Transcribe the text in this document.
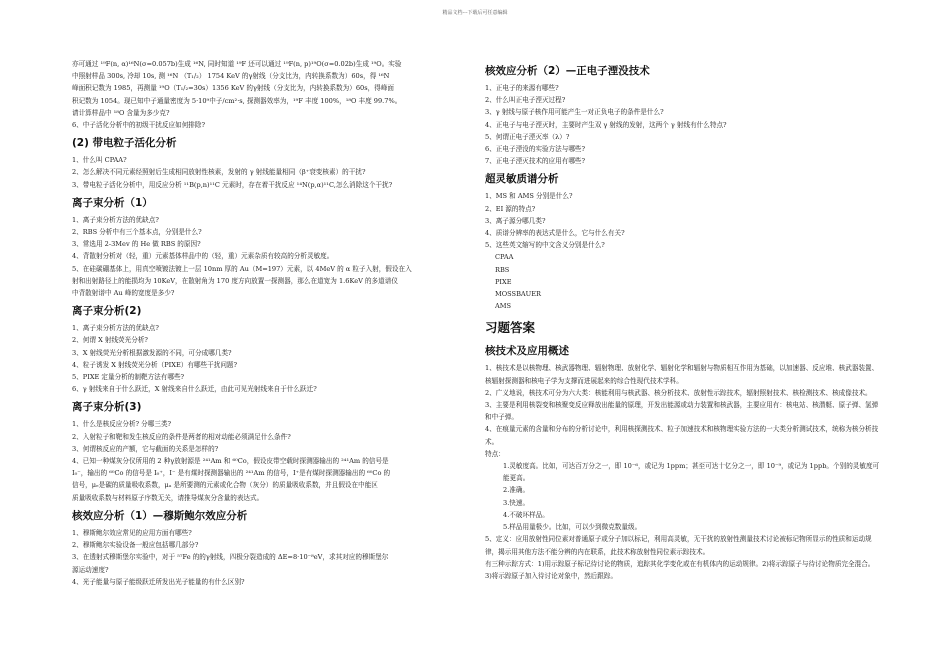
精品文档---下载后可任意编辑
亦可通过 ¹⁹F(n, α)¹⁶N(σ=0.057b)生成 ¹⁶N, 同时知道 ¹⁹F 还可以通过 ¹⁹F(n, p)¹⁹O(σ=0.02b)生成 ¹⁹O。实验
中照射样品 300s, 冷却 10s, 测 ¹⁶N （T₁/₂） 1754 KeV 的γ射线（分支比为，内转换系数为）60s，得 ¹⁶N
峰面积记数为 1985，再测量 ¹⁹O（T₁/₂=30s）1356 KeV 的γ射线（分支比为，内转换系数为）60s，得峰面
积记数为 1054。现已知中子通量密度为 5·10⁹中子/cm²·s, 探测器效率为，¹⁹F 丰度 100%，¹⁸O 丰度 99.7%。
请计算样品中 ¹⁸O 含量为多少克?
6、中子活化分析中的初级干扰反应如何排除?
(2) 带电粒子活化分析
1、什么叫 CPAA?
2、怎么解决不同元素经照射后生成相同放射性核素，发射的 γ 射线能量相同（β⁺衰变核素）的干扰?
3、带电粒子活化分析中，用反应分析 ¹¹B(p,n)¹¹C 元素时，存在着干扰反应 ¹⁴N(p,α)¹¹C,怎么消除这个干扰?
离子束分析（1）
1、离子束分析方法的优缺点?
2、RBS 分析中有三个基本点，分别是什么?
3、常选用 2-3Mev 的 He 做 RBS 的原因?
4、背散射分析对（轻，重）元素基体样品中的（轻，重）元素杂质有较高的分析灵敏度。
5、在硅碳硼基体上，用真空喷镀法镀上一层 10nm 厚的 Au（M=197）元素，以 4MeV 的 α 粒子入射，假设在入
射和出射路径上的能损均为 10KeV，在散射角为 170 度方向放置一探测器，那么在道宽为 1.6KeV 的多道谱仪
中背散射谱中 Au 峰的宽度是多少?
离子束分析(2)
1、离子束分析方法的优缺点?
2、何谓 X 射线荧光分析?
3、X 射线荧光分析根据激发源的不同，可分成哪几类?
4、粒子诱发 X 射线荧光分析（PIXE）有哪些干扰问题?
5、PIXE 定量分析的制靶方法有哪些?
6、γ 射线来自于什么跃迁，X 射线来自什么跃迁，由此可见光射线来自于什么跃迁?
离子束分析(3)
1、什么是核反应分析? 分哪三类?
2、入射粒子和靶和发生核反应的条件是两者的相对动能必须满足什么条件?
3、何谓核反应的产额，它与截面的关系是怎样的?
4、已知一种煤灰分仪所用的 2 种γ放射源是 ²⁴¹Am 和 ⁶⁰Co，假设皮带空载时探测器输出的 ²⁴¹Am 的信号是
I₀⁻，输出的 ⁶⁰Co 的信号是 I₀⁺，I⁻ 是有煤时探测器输出的 ²⁴¹Am 的信号，I⁺是有煤时探测器输出的 ⁶⁰Co 的
信号，μₑ是碳的质量吸收系数，μₐ 是所要测的元素或化合物（灰分）的质量吸收系数，并且假设在中能区
质量吸收系数与材料原子序数无关，请推导煤灰分含量的表达式。
核效应分析（1）—穆斯鲍尔效应分析
1、穆斯鲍尔效应常见的应用方面有哪些?
2、穆斯鲍尔实验设备一般应包括哪几部分?
3、在透射式穆斯堡尔实验中，对于 ⁵⁷Fe 的的γ射线，四极分裂造成的 ΔE=8·10⁻⁸eV，求其对应的穆斯堡尔
源运动速度?
4、光子能量与原子能级跃迁所发出光子能量的有什么区别?
核效应分析（2）—正电子湮没技术
1、正电子的来源有哪些?
2、什么叫正电子湮灭过程?
3、γ 射线与原子核作用可能产生一对正负电子的条件是什么?
4、正电子与电子湮灭时，主要时产生双 γ 射线的发射，这两个 γ 射线有什么特点?
5、何谓正电子湮灭率（λ）?
6、正电子湮没的实验方法与哪些?
7、正电子湮灭技术的应用有哪些?
超灵敏质谱分析
1、MS 和 AMS 分别是什么?
2、EI 源的特点?
3、离子源分哪几类?
4、质谱分辨率的表达式是什么，它与什么有关?
5、这些英文缩写的中文含义分别是什么?
CPAA
RBS
PIXE
MOSSBAUER
AMS
习题答案
核技术及应用概述
1、核技术是以核物理、核武器物理、辐射物理、放射化学、辐射化学和辐射与物质相互作用为基础，以加速器、反应堆、核武器装置、核辐射探测器和核电子学为支撑而进展起来的综合性现代技术学科。
2、广义地说，核技术可分为六大类：核能利用与核武器、核分析技术、放射性示踪技术，辐射照射技术、核检测技术、核成像技术。
3、主要是利用核裂变和核聚变反应释放出能量的原理，开发出能源或动力装置和核武器，主要应用有：核电站、核潜艇、原子弹、氢弹和中子弹。
4、在痕量元素的含量和分布的分析讨论中，利用核探测技术、粒子加速技术和核物理实验方法的一大类分析测试技术，统称为核分析技术。
特点：
1.灵敏度高。比如，可达百万分之一，即 10⁻⁶，或记为 1ppm；甚至可达十亿分之一，即 10⁻⁹，或记为 1ppb。个别的灵敏度可能更高。
2.准确。
3.快速。
4.不破坏样品。
5.样品用量极少。比如，可以少到微克数量级。
5、定义：应用放射性同位素对普通原子或分子加以标记，利用高灵敏，无干扰的放射性测量技术讨论被标记物所显示的性质和运动规律，揭示用其他方法不能分辨的内在联系，此技术称放射性同位素示踪技术。
有三种示踪方式：1)用示踪原子标记待讨论的物质，追踪其化学变化或在有机体内的运动规律。2)将示踪原子与待讨论物质完全混合。3)将示踪原子加入待讨论对象中，然后跟踪。
